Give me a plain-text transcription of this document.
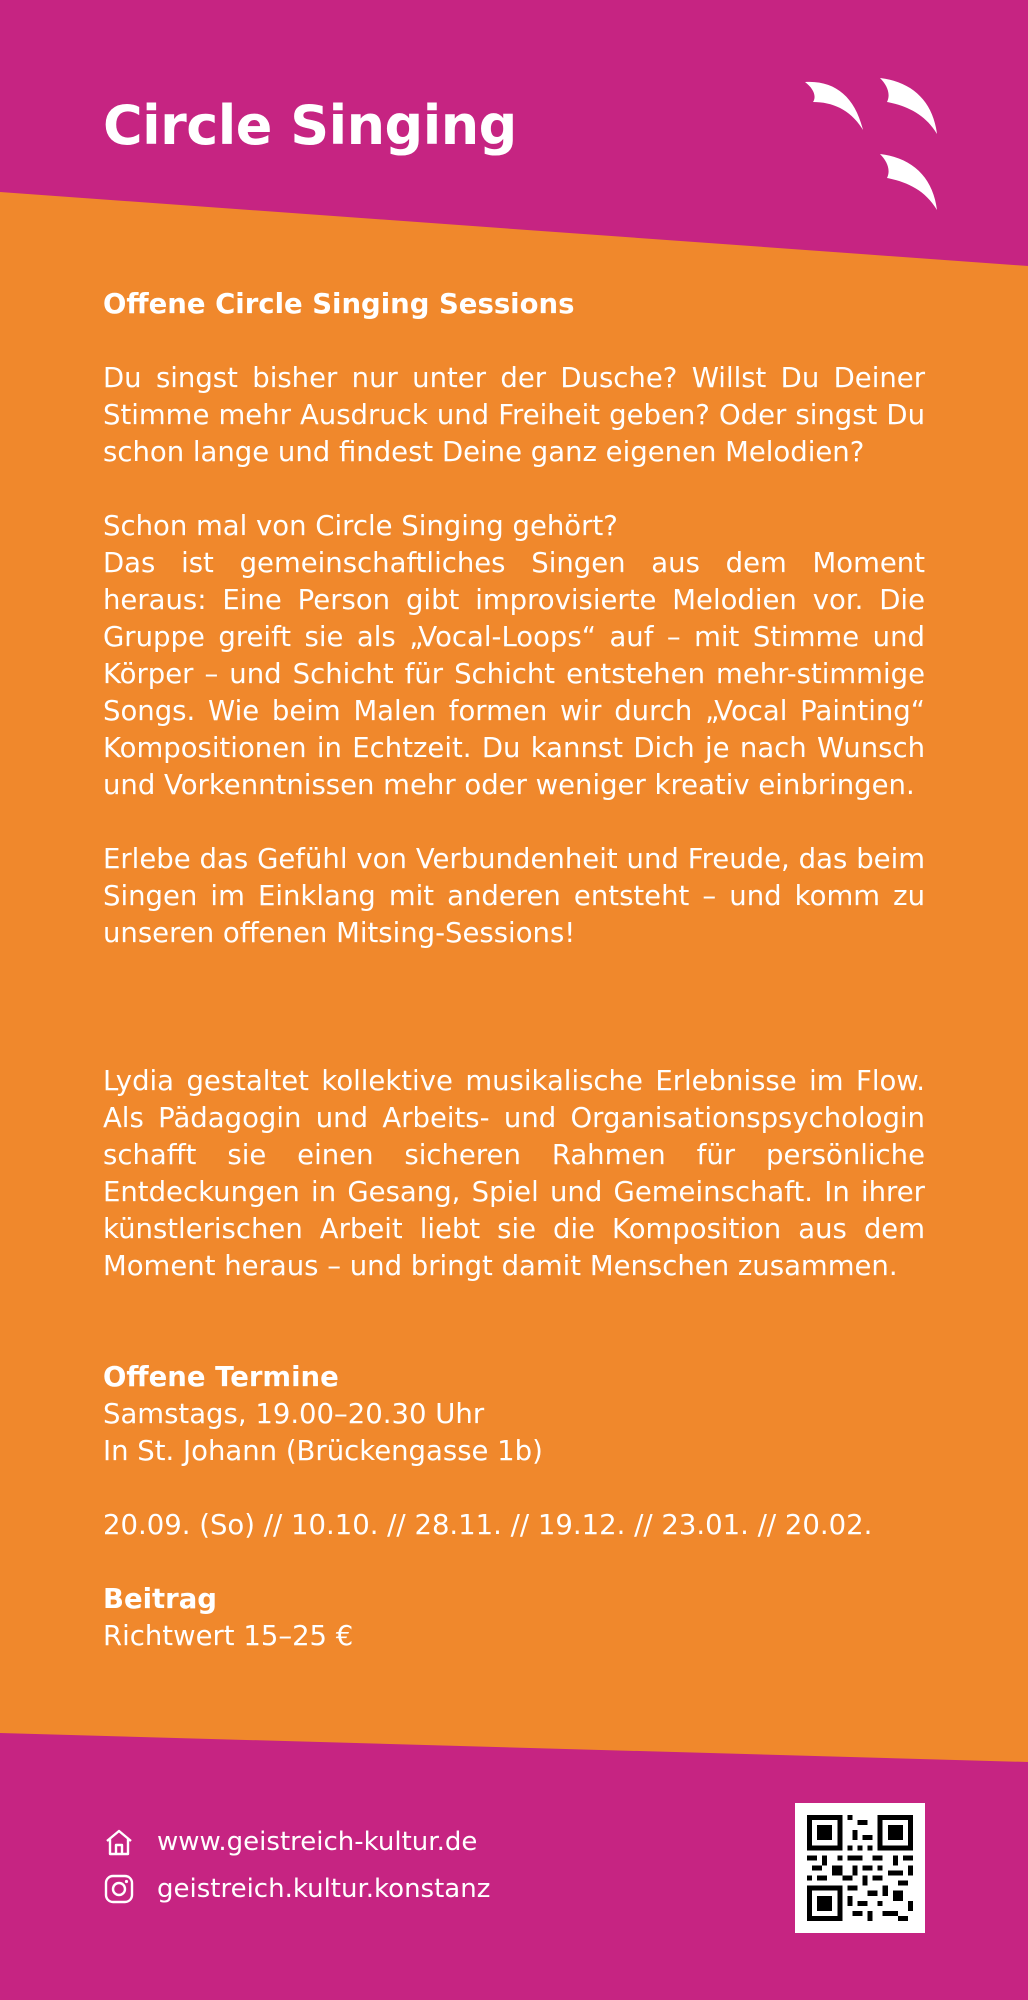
Circle Singing

Offene Circle Singing Sessions

Du singst bisher nur unter der Dusche? Willst Du Deiner Stimme mehr Ausdruck und Freiheit geben? Oder singst Du schon lange und findest Deine ganz eigenen Melodien?

Schon mal von Circle Singing gehört?

Das ist gemeinschaftliches Singen aus dem Moment heraus: Eine Person gibt improvisierte Melodien vor. Die Gruppe greift sie als „Vocal-Loops“ auf – mit Stimme und Körper – und Schicht für Schicht entstehen mehr-stimmige Songs. Wie beim Malen formen wir durch „Vocal Painting“ Kompositionen in Echtzeit. Du kannst Dich je nach Wunsch und Vorkenntnissen mehr oder weniger kreativ einbringen.

Erlebe das Gefühl von Verbundenheit und Freude, das beim Singen im Einklang mit anderen entsteht – und komm zu unseren offenen Mitsing-Sessions!

Lydia gestaltet kollektive musikalische Erlebnisse im Flow. Als Pädagogin und Arbeits- und Organisationspsychologin schafft sie einen sicheren Rahmen für persönliche Entdeckungen in Gesang, Spiel und Gemeinschaft. In ihrer künstlerischen Arbeit liebt sie die Komposition aus dem Moment heraus – und bringt damit Menschen zusammen.

Offene Termine

Samstags, 19.00–20.30 Uhr

In St. Johann (Brückengasse 1b)

20.09. (So) // 10.10. // 28.11. // 19.12. // 23.01. // 20.02.

Beitrag

Richtwert 15–25 €

www.geistreich-kultur.de
geistreich.kultur.konstanz
